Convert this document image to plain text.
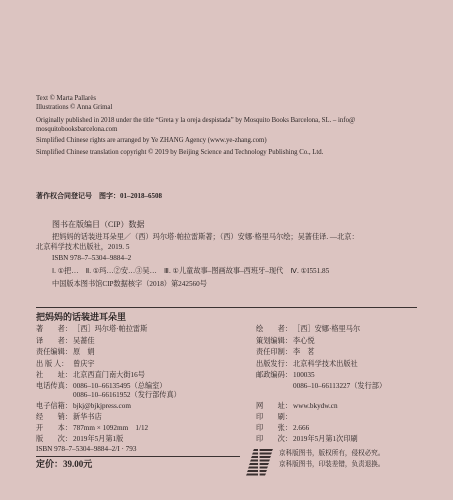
Text © Marta Pallarès
Illustrations © Anna Grimal
Originally published in 2018 under the title “Greta y la oreja despistada” by Mosquito Books Barcelona, SL. – info@
mosquitobooksbarcelona.com
Simplified Chinese rights are arranged by Ye ZHANG Agency (www.ye-zhang.com)
Simplified Chinese translation copyright © 2019 by Beijing Science and Technology Publishing Co., Ltd.
著作权合同登记号　图字：01–2018–6508
图书在版编目（CIP）数据
把妈妈的话装进耳朵里／（西）玛尔塔·帕拉雷斯著；（西）安娜·格里马尔绘；吴蔷佳译. —北京：
北京科学技术出版社，2019. 5
ISBN 978–7–5304–9884–2
Ⅰ. ①把…　Ⅱ. ①玛…②安…③吴…　Ⅲ. ①儿童故事–图画故事–西班牙–现代　Ⅳ. ①I551.85
中国版本图书馆CIP数据核字（2018）第242560号
把妈妈的话装进耳朵里
著　　者：［西］玛尔塔·帕拉雷斯
译　　者：吴蔷佳
责任编辑：原　娟
出 版 人： 曾庆宇
社　　址：北京西直门南大街16号
电话传真：0086–10–66135495（总编室）
0086–10–66161952（发行部传真）
电子信箱：bjkj@bjkjpress.com
经　　销：新华书店
开　　本：787mm × 1092mm　1/12
版　　次：2019年5月第1版
绘　　者：［西］安娜·格里马尔
策划编辑：李心悦
责任印制：李　茗
出版发行：北京科学技术出版社
邮政编码：100035
0086–10–66113227（发行部）
网　　址：www.bkydw.cn
印　　刷：
印　　张：2.666
印　　次：2019年5月第1次印刷
ISBN 978–7–5304–9884–2/I · 793
定价：39.00元
京科版图书，版权所有，侵权必究。
京科版图书，印装差错，负责退换。
